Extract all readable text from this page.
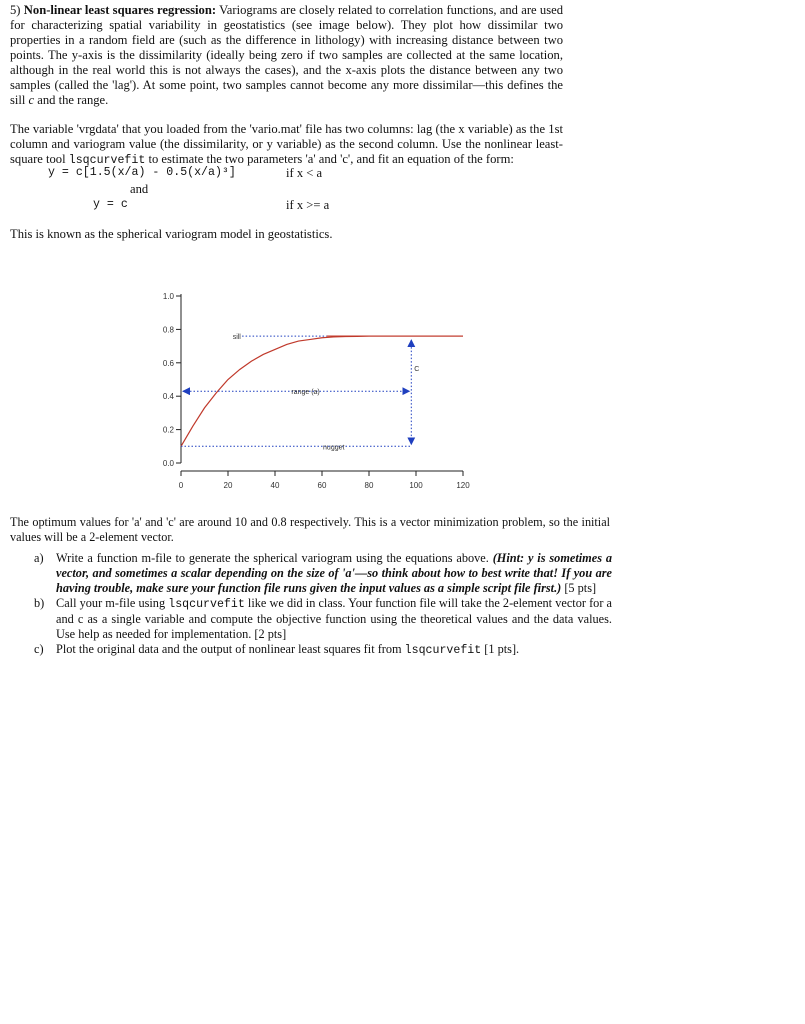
5) Non-linear least squares regression: Variograms are closely related to correlation functions, and are used for characterizing spatial variability in geostatistics (see image below). They plot how dissimilar two properties in a random field are (such as the difference in lithology) with increasing distance between two points. The y-axis is the dissimilarity (ideally being zero if two samples are collected at the same location, although in the real world this is not always the cases), and the x-axis plots the distance between any two samples (called the 'lag'). At some point, two samples cannot become any more dissimilar—this defines the sill c and the range.
The variable 'vrgdata' that you loaded from the 'vario.mat' file has two columns: lag (the x variable) as the 1st column and variogram value (the dissimilarity, or y variable) as the second column. Use the nonlinear least-square tool lsqcurvefit to estimate the two parameters 'a' and 'c', and fit an equation of the form:
y = c[1.5(x/a) - 0.5(x/a)³]	if x < a
and
y = c	if x >= a
This is known as the spherical variogram model in geostatistics.
0.0
0.2
0.4
0.6
0.8
1.0
0	20	40	60	80	100	120
sill
range (a)
nugget
C
The optimum values for 'a' and 'c' are around 10 and 0.8 respectively. This is a vector minimization problem, so the initial values will be a 2-element vector.
a) Write a function m-file to generate the spherical variogram using the equations above. (Hint: y is sometimes a vector, and sometimes a scalar depending on the size of 'a'—so think about how to best write that! If you are having trouble, make sure your function file runs given the input values as a simple script file first.) [5 pts]
b) Call your m-file using lsqcurvefit like we did in class. Your function file will take the 2-element vector for a and c as a single variable and compute the objective function using the theoretical values and the data values. Use help as needed for implementation. [2 pts]
c) Plot the original data and the output of nonlinear least squares fit from lsqcurvefit [1 pts].
